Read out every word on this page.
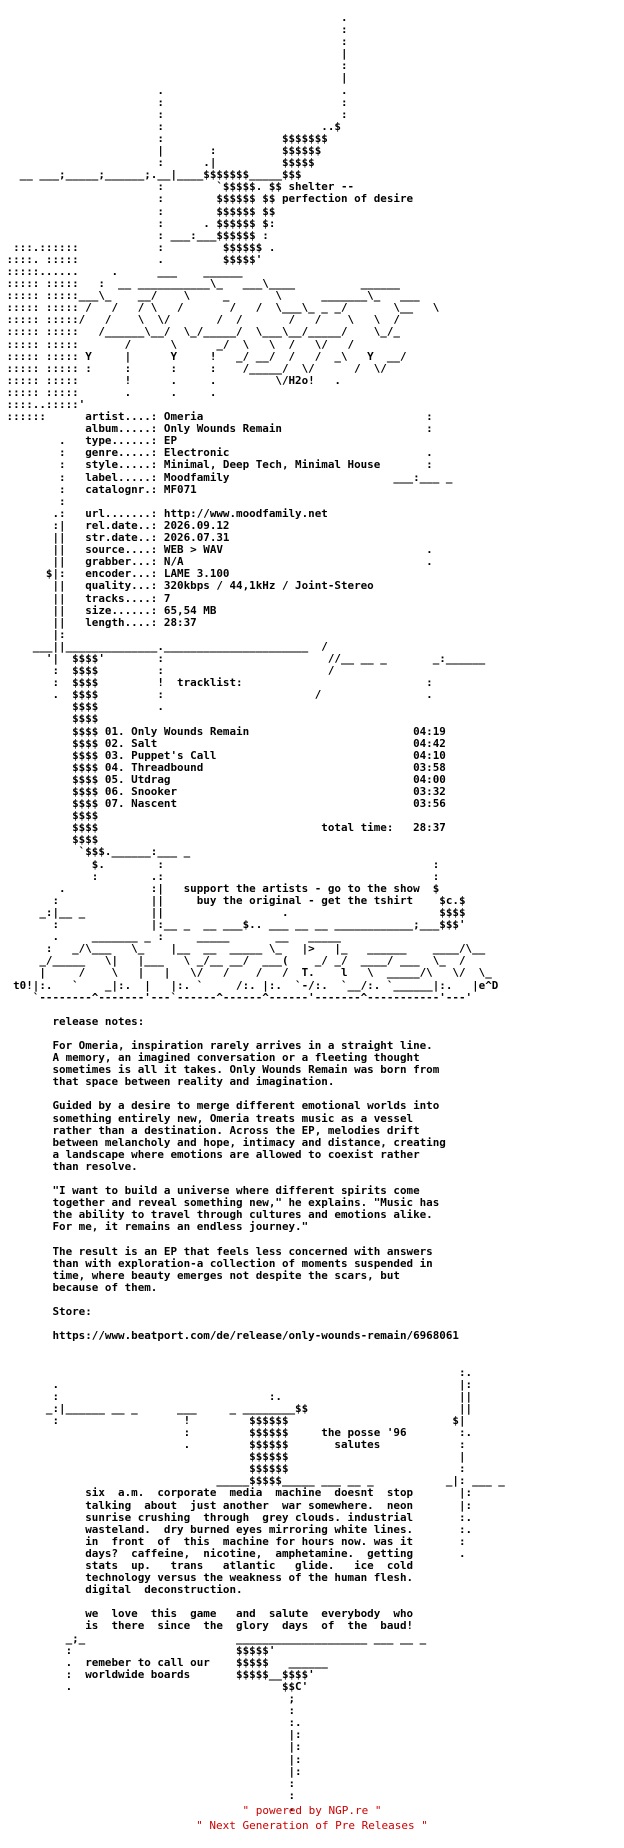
.
:
:
|
:
|
.                           .
:                           :
:                           :
:                        ..$
:                  $$$$$$$
|       :          $$$$$$
:      .|          $$$$$
__ ___;_____;______;.__|____$$$$$$$_____$$$
:        `$$$$$. $$ shelter --
:        $$$$$$ $$ perfection of desire
:        $$$$$$ $$
:      . $$$$$$ $:
: ___:___$$$$$$ :
:::.::::::            :         $$$$$$ .
::::. :::::            .         $$$$$'
:::::......     .      ___    ______
::::: :::::   :  __ ___________\_   ___\____          ______
::::: :::::___\_    __/    \     _       \      _______\_   ___
::::: ::::: /   /   / \   /       /   /  \___\_ _ _/       \__   \
::::: :::::/   /    \  \/       /  /       /   /    \   \  /
::::: :::::   /______\__/  \_/_____/  \___\__/_____/    \_/_
::::: :::::       /      \      _/  \   \  /   \/   /
::::: ::::: Y     |      Y     !   _/ __/  /   /  _\   Y  __/
::::: ::::: :     :      :     :    /_____/  \/      /  \/
::::: :::::       !      .     .         \/H2o!   .
::::: :::::       .      .     .
::::..:::::'
::::::      artist....: Omeria                                  :
album.....: Only Wounds Remain                      :
.   type......: EP
:   genre.....: Electronic                              .
:   style.....: Minimal, Deep Tech, Minimal House       :
:   label.....: Moodfamily                         ___:___ _
:   catalognr.: MF071
:
.:   url.......: http://www.moodfamily.net
:|   rel.date..: 2026.09.12
||   str.date..: 2026.07.31
||   source....: WEB > WAV                               .
||   grabber...: N/A                                     .
$|:   encoder...: LAME 3.100
||   quality...: 320kbps / 44,1kHz / Joint-Stereo
||   tracks....: 7
||   size......: 65,54 MB
||   length....: 28:37
|:
___||______________.______________________  /
'|  $$$$'        :                         //__ __ _       _:______
:  $$$$         :                         /
:  $$$$         !  tracklist:                            :
.  $$$$         :                       /                .
$$$$         .
$$$$
$$$$ 01. Only Wounds Remain                         04:19
$$$$ 02. Salt                                       04:42
$$$$ 03. Puppet's Call                              04:10
$$$$ 04. Threadbound                                03:58
$$$$ 05. Utdrag                                     04:00
$$$$ 06. Snooker                                    03:32
$$$$ 07. Nascent                                    03:56
$$$$
$$$$                                  total time:   28:37
$$$$
`$$$.______:___ _
$.        :                                         :
:        .:                                         :
.             :|   support the artists - go to the show  $
:              ||     buy the original - get the tshirt    $c.$
_:|__ _          ||                  .                       $$$$
:              |:__ _  __ ___$.. ___ __ __ ____________;___$$$'
.     _______ _ :     _____       __   _____
:   _/\___   \_    |__  __  _____ \_   |>   |_   ______    ____/\__
_/_____   \|   |___   \ _/__ __/  ___(    _/ _/  ____/ ___  \_  /
|     /    \   |   |   \/   /    /   /  T.    l   \  _____/\   \/  \_
t0!|:.   `    _|:.  |   |:. `     /:. |:.  `-/:.  `__/:. `______|:.   |e^D
`--------^-------'---`------^------^------'-------^-----------'---'

release notes:

For Omeria, inspiration rarely arrives in a straight line.
A memory, an imagined conversation or a fleeting thought
sometimes is all it takes. Only Wounds Remain was born from
that space between reality and imagination.

Guided by a desire to merge different emotional worlds into
something entirely new, Omeria treats music as a vessel
rather than a destination. Across the EP, melodies drift
between melancholy and hope, intimacy and distance, creating
a landscape where emotions are allowed to coexist rather
than resolve.

"I want to build a universe where different spirits come
together and reveal something new," he explains. "Music has
the ability to travel through cultures and emotions alike.
For me, it remains an endless journey."

The result is an EP that feels less concerned with answers
than with exploration-a collection of moments suspended in
time, where beauty emerges not despite the scars, but
because of them.

Store:

https://www.beatport.com/de/release/only-wounds-remain/6968061

:.
.                                                             |:
:                                :.                           ||
_:|______ __ _      ___     _ ________$$                       ||
:                   !         $$$$$$                         $|
:         $$$$$$     the posse '96        :.
.         $$$$$$       salutes            :
$$$$$$                          |
$$$$$$                          :
_____$$$$$_____ ___ __ _           _|: ___ _
six  a.m.  corporate  media  machine  doesnt  stop       |:
talking  about  just another  war somewhere.  neon       |:
sunrise crushing  through  grey clouds. industrial       :.
wasteland.  dry burned eyes mirroring white lines.       :.
in  front  of  this  machine for hours now. was it       :
days?  caffeine,  nicotine,  amphetamine.  getting       .
stats  up.   trans   atlantic   glide.   ice  cold
technology versus the weakness of the human flesh.
digital  deconstruction.

we  love  this  game   and  salute  everybody  who
is  there  since  the  glory  days  of  the  baud!
_;_                       ____________________ ___ __ _
:                         $$$$$'
.  remeber to call our    $$$$$   ______
:  worldwide boards       $$$$$__$$$$'
.                                $$C'
;
:
:.
|:
|:
|:
|:
:
:
.

" powered by NGP.re "
" Next Generation of Pre Releases "
